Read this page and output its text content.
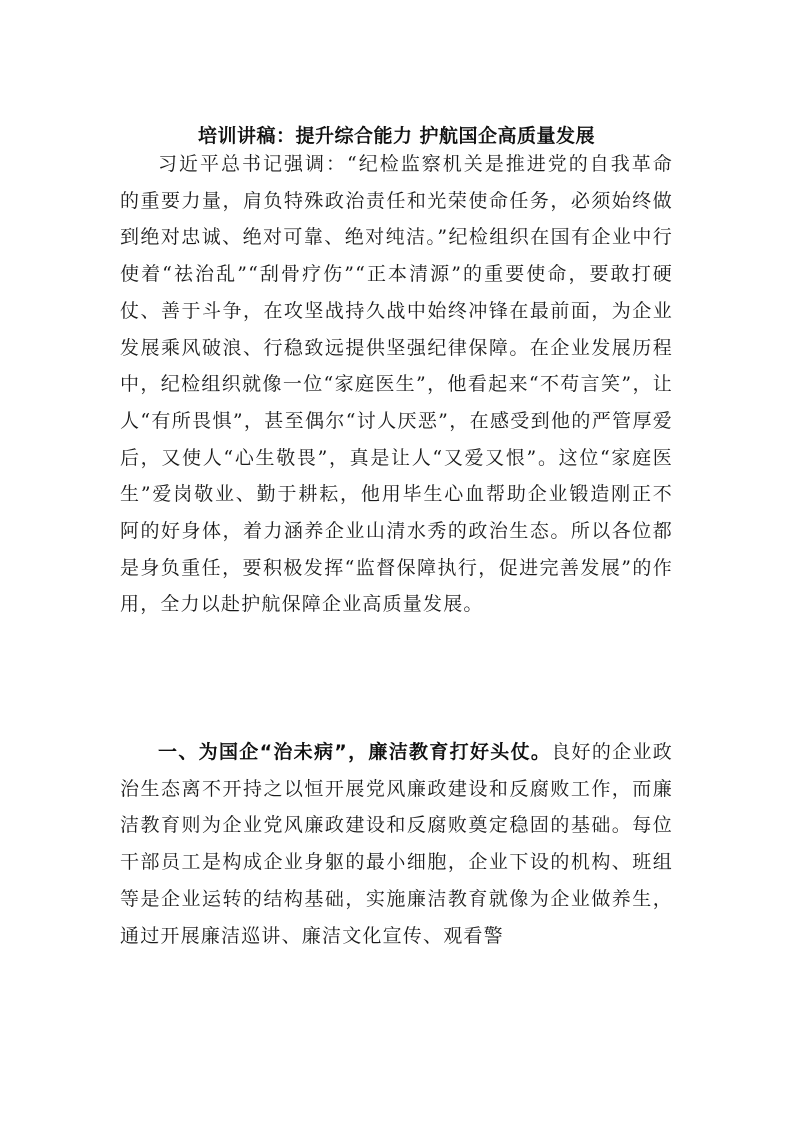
培训讲稿：提升综合能力 护航国企高质量发展

习近平总书记强调：“纪检监察机关是推进党的自我革命的重要力量，肩负特殊政治责任和光荣使命任务，必须始终做到绝对忠诚、绝对可靠、绝对纯洁。”纪检组织在国有企业中行使着“祛治乱”“刮骨疗伤”“正本清源”的重要使命，要敢打硬仗、善于斗争，在攻坚战持久战中始终冲锋在最前面，为企业发展乘风破浪、行稳致远提供坚强纪律保障。在企业发展历程中，纪检组织就像一位“家庭医生”，他看起来“不苟言笑”，让人“有所畏惧”，甚至偶尔“讨人厌恶”，在感受到他的严管厚爱后，又使人“心生敬畏”，真是让人“又爱又恨”。这位“家庭医生”爱岗敬业、勤于耕耘，他用毕生心血帮助企业锻造刚正不阿的好身体，着力涵养企业山清水秀的政治生态。所以各位都是身负重任，要积极发挥“监督保障执行，促进完善发展”的作用，全力以赴护航保障企业高质量发展。

一、为国企“治未病”，廉洁教育打好头仗。良好的企业政治生态离不开持之以恒开展党风廉政建设和反腐败工作，而廉洁教育则为企业党风廉政建设和反腐败奠定稳固的基础。每位干部员工是构成企业身躯的最小细胞，企业下设的机构、班组等是企业运转的结构基础，实施廉洁教育就像为企业做养生，通过开展廉洁巡讲、廉洁文化宣传、观看警
